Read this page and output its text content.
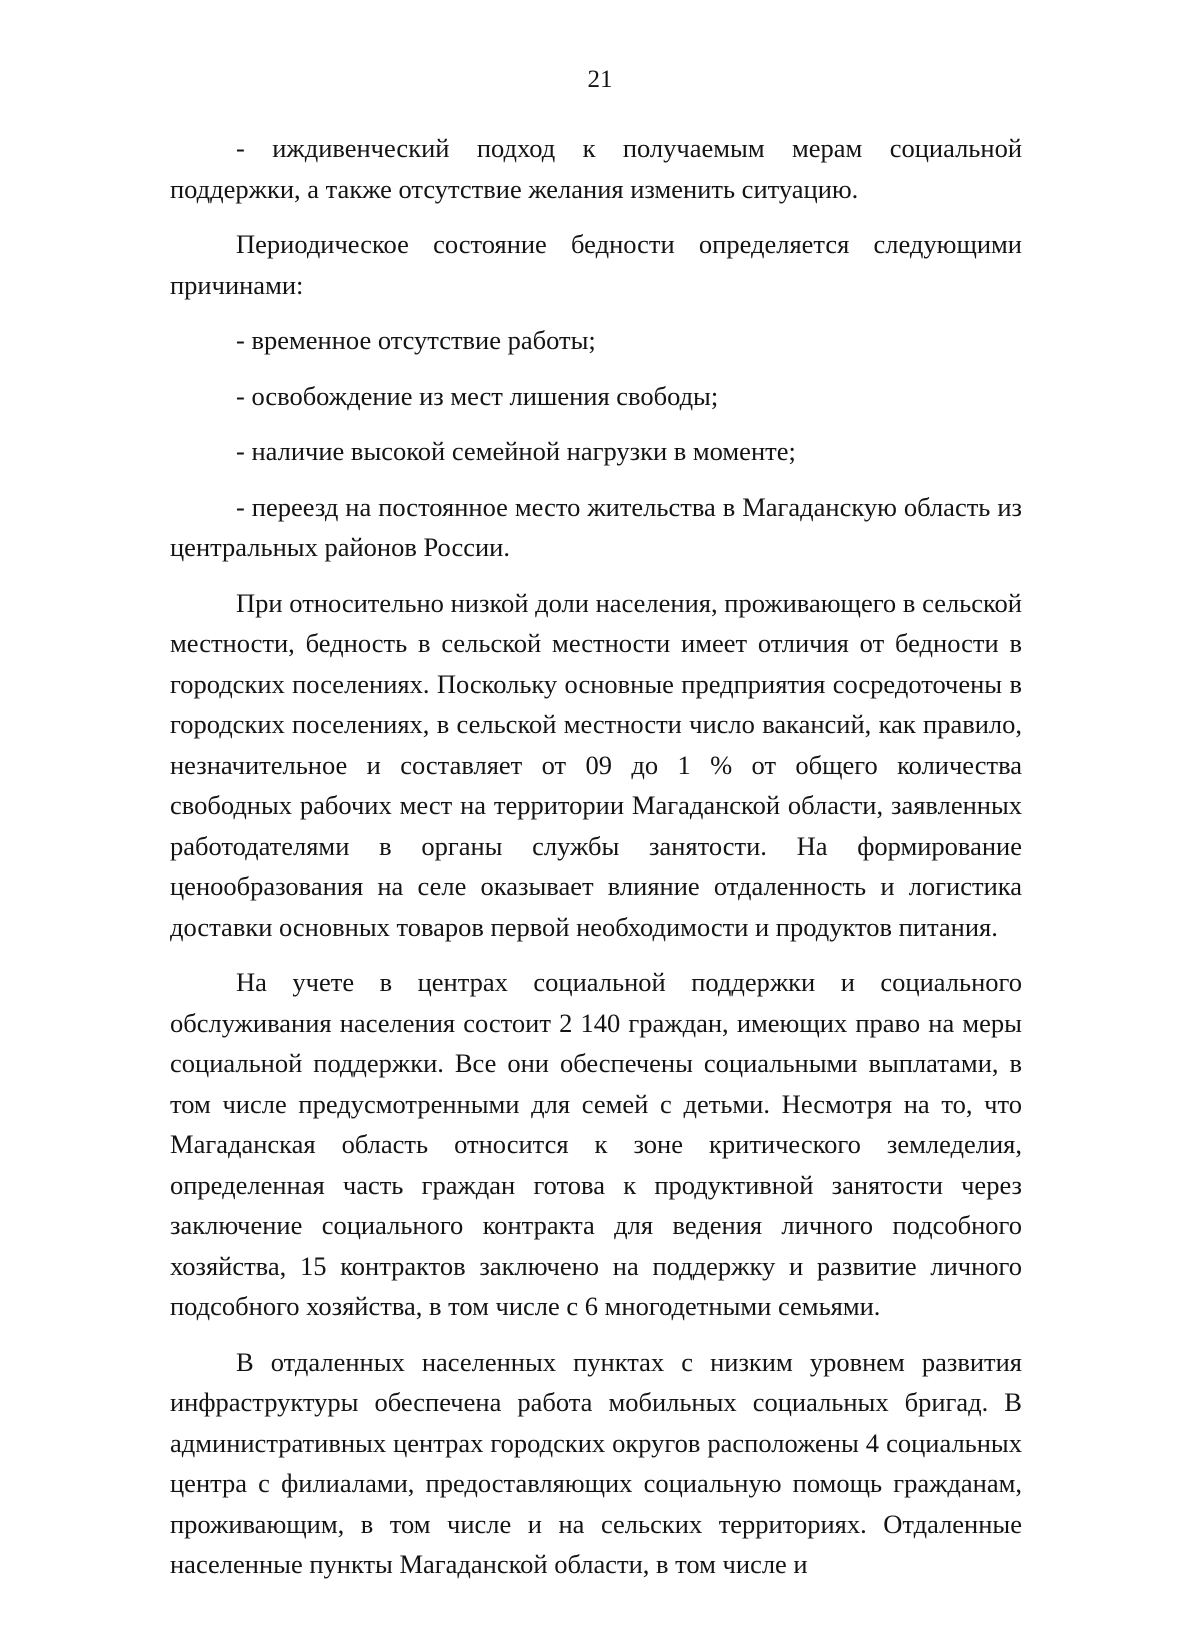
21

- иждивенческий подход к получаемым мерам социальной поддержки, а также отсутствие желания изменить ситуацию.

Периодическое состояние бедности определяется следующими причинами:

- временное отсутствие работы;

- освобождение из мест лишения свободы;

- наличие высокой семейной нагрузки в моменте;

- переезд на постоянное место жительства в Магаданскую область из центральных районов России.

При относительно низкой доли населения, проживающего в сельской местности, бедность в сельской местности имеет отличия от бедности в городских поселениях. Поскольку основные предприятия сосредоточены в городских поселениях, в сельской местности число вакансий, как правило, незначительное и составляет от 09 до 1 % от общего количества свободных рабочих мест на территории Магаданской области, заявленных работодателями в органы службы занятости. На формирование ценообразования на селе оказывает влияние отдаленность и логистика доставки основных товаров первой необходимости и продуктов питания.

На учете в центрах социальной поддержки и социального обслуживания населения состоит 2 140 граждан, имеющих право на меры социальной поддержки. Все они обеспечены социальными выплатами, в том числе предусмотренными для семей с детьми. Несмотря на то, что Магаданская область относится к зоне критического земледелия, определенная часть граждан готова к продуктивной занятости через заключение социального контракта для ведения личного подсобного хозяйства, 15 контрактов заключено на поддержку и развитие личного подсобного хозяйства, в том числе с 6 многодетными семьями.

В отдаленных населенных пунктах с низким уровнем развития инфраструктуры обеспечена работа мобильных социальных бригад. В административных центрах городских округов расположены 4 социальных центра с филиалами, предоставляющих социальную помощь гражданам, проживающим, в том числе и на сельских территориях. Отдаленные населенные пункты Магаданской области, в том числе и
